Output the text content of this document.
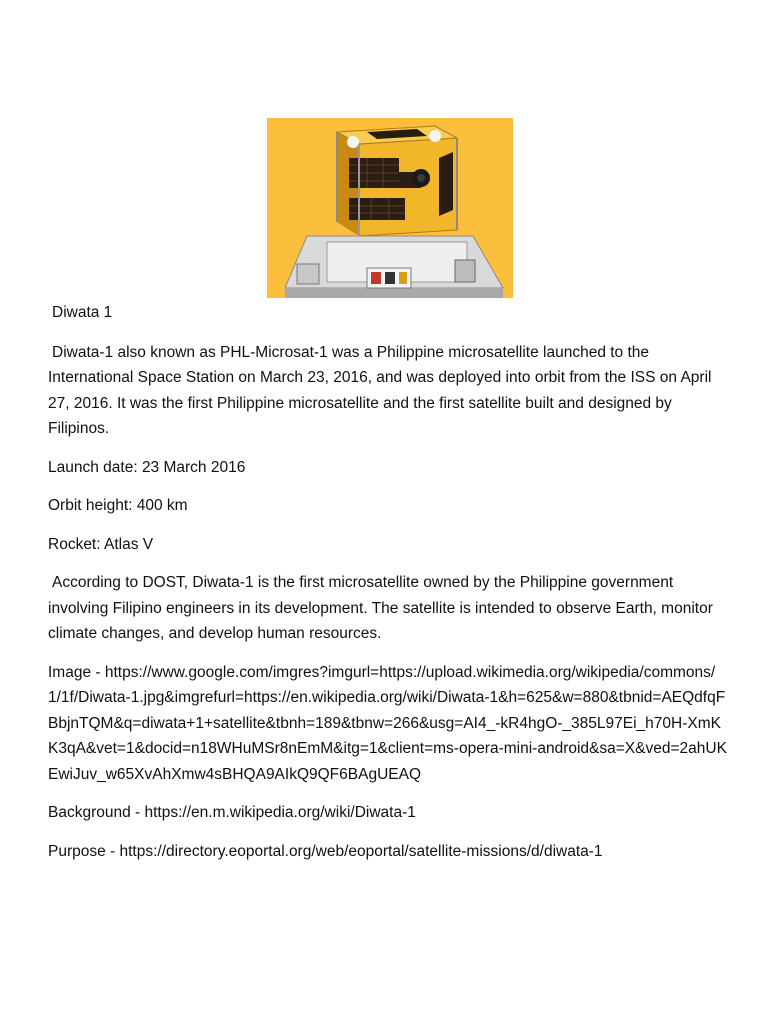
Diwata 1

Diwata-1 also known as PHL-Microsat-1 was a Philippine microsatellite launched to the International Space Station on March 23, 2016, and was deployed into orbit from the ISS on April 27, 2016. It was the first Philippine microsatellite and the first satellite built and designed by Filipinos.

Launch date: 23 March 2016

Orbit height: 400 km

Rocket: Atlas V

According to DOST, Diwata-1 is the first microsatellite owned by the Philippine government involving Filipino engineers in its development. The satellite is intended to observe Earth, monitor climate changes, and develop human resources.

Image - https://www.google.com/imgres?imgurl=https://upload.wikimedia.org/wikipedia/commons/1/1f/Diwata-1.jpg&imgrefurl=https://en.wikipedia.org/wiki/Diwata-1&h=625&w=880&tbnid=AEQdfqFBbjnTQM&q=diwata+1+satellite&tbnh=189&tbnw=266&usg=AI4_-kR4hgO-_385L97Ei_h70H-XmKK3qA&vet=1&docid=n18WHuMSr8nEmM&itg=1&client=ms-opera-mini-android&sa=X&ved=2ahUKEwiJuv_w65XvAhXmw4sBHQA9AIkQ9QF6BAgUEAQ

Background - https://en.m.wikipedia.org/wiki/Diwata-1

Purpose - https://directory.eoportal.org/web/eoportal/satellite-missions/d/diwata-1
